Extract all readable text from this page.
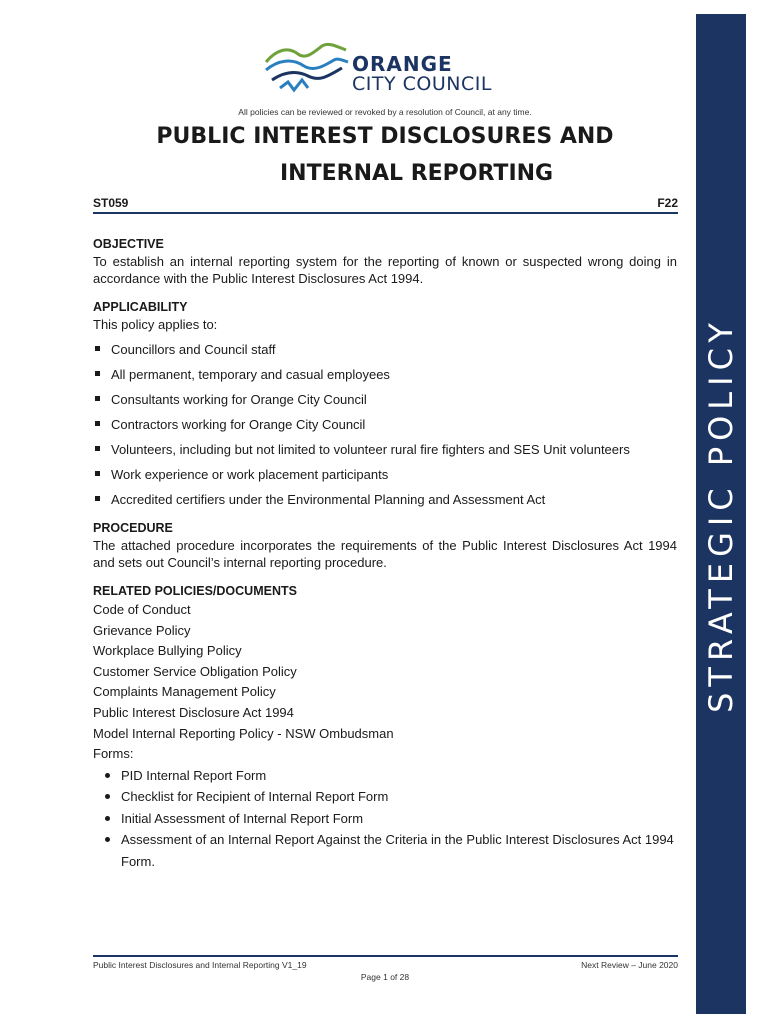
STRATEGIC POLICY
ORANGE
CITY COUNCIL
All policies can be reviewed or revoked by a resolution of Council, at any time.
PUBLIC INTEREST DISCLOSURES AND
INTERNAL REPORTING
ST059	F22

OBJECTIVE

To establish an internal reporting system for the reporting of known or suspected wrong doing in accordance with the Public Interest Disclosures Act 1994.

APPLICABILITY

This policy applies to:

Councillors and Council staff
All permanent, temporary and casual employees
Consultants working for Orange City Council
Contractors working for Orange City Council
Volunteers, including but not limited to volunteer rural fire fighters and SES Unit volunteers
Work experience or work placement participants
Accredited certifiers under the Environmental Planning and Assessment Act

PROCEDURE

The attached procedure incorporates the requirements of the Public Interest Disclosures Act 1994 and sets out Council’s internal reporting procedure.

RELATED POLICIES/DOCUMENTS

Code of Conduct

Grievance Policy

Workplace Bullying Policy

Customer Service Obligation Policy

Complaints Management Policy

Public Interest Disclosure Act 1994

Model Internal Reporting Policy - NSW Ombudsman

Forms:

PID Internal Report Form
Checklist for Recipient of Internal Report Form
Initial Assessment of Internal Report Form
Assessment of an Internal Report Against the Criteria in the Public Interest Disclosures Act 1994 Form.
Public Interest Disclosures and Internal Reporting V1_19	Next Review – June 2020
Page 1 of 28
